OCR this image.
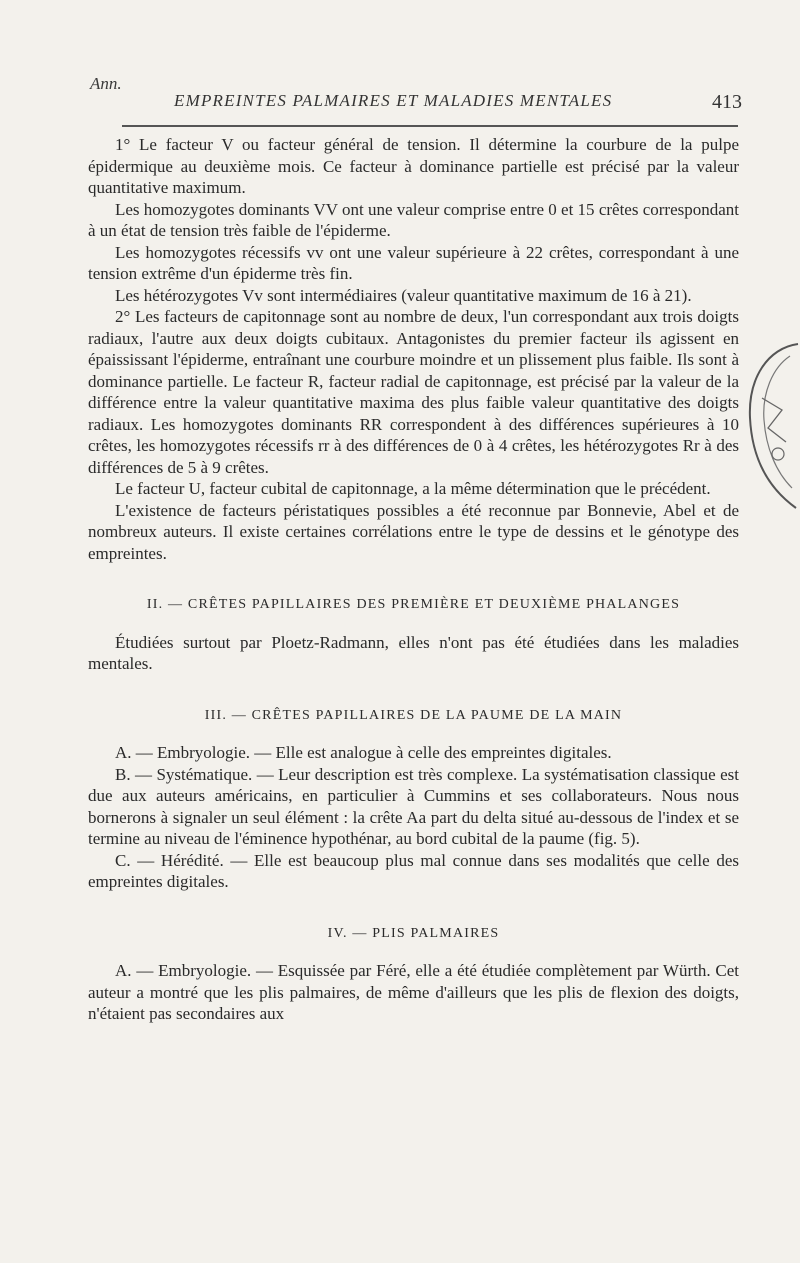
Ann.
EMPREINTES PALMAIRES ET MALADIES MENTALES	413

1° Le facteur V ou facteur général de tension. Il détermine la courbure de la pulpe épidermique au deuxième mois. Ce facteur à dominance partielle est précisé par la valeur quantitative maximum.

Les homozygotes dominants VV ont une valeur comprise entre 0 et 15 crêtes correspondant à un état de tension très faible de l'épiderme.

Les homozygotes récessifs vv ont une valeur supérieure à 22 crêtes, correspondant à une tension extrême d'un épiderme très fin.

Les hétérozygotes Vv sont intermédiaires (valeur quantitative maximum de 16 à 21).

2° Les facteurs de capitonnage sont au nombre de deux, l'un correspondant aux trois doigts radiaux, l'autre aux deux doigts cubitaux. Antagonistes du premier facteur ils agissent en épaississant l'épiderme, entraînant une courbure moindre et un plissement plus faible. Ils sont à dominance partielle. Le facteur R, facteur radial de capitonnage, est précisé par la valeur de la différence entre la valeur quantitative maxima des plus faible valeur quantitative des doigts radiaux. Les homozygotes dominants RR correspondent à des différences supérieures à 10 crêtes, les homozygotes récessifs rr à des différences de 0 à 4 crêtes, les hétérozygotes Rr à des différences de 5 à 9 crêtes.

Le facteur U, facteur cubital de capitonnage, a la même détermination que le précédent.

L'existence de facteurs péristatiques possibles a été reconnue par Bonnevie, Abel et de nombreux auteurs. Il existe certaines corrélations entre le type de dessins et le génotype des empreintes.

II. — CRÊTES PAPILLAIRES DES PREMIÈRE ET DEUXIÈME PHALANGES

Étudiées surtout par Ploetz-Radmann, elles n'ont pas été étudiées dans les maladies mentales.

III. — CRÊTES PAPILLAIRES DE LA PAUME DE LA MAIN

A. — Embryologie. — Elle est analogue à celle des empreintes digitales.

B. — Systématique. — Leur description est très complexe. La systématisation classique est due aux auteurs américains, en particulier à Cummins et ses collaborateurs. Nous nous bornerons à signaler un seul élément : la crête Aa part du delta situé au-dessous de l'index et se termine au niveau de l'éminence hypothénar, au bord cubital de la paume (fig. 5).

C. — Hérédité. — Elle est beaucoup plus mal connue dans ses modalités que celle des empreintes digitales.

IV. — PLIS PALMAIRES

A. — Embryologie. — Esquissée par Féré, elle a été étudiée complètement par Würth. Cet auteur a montré que les plis palmaires, de même d'ailleurs que les plis de flexion des doigts, n'étaient pas secondaires aux
